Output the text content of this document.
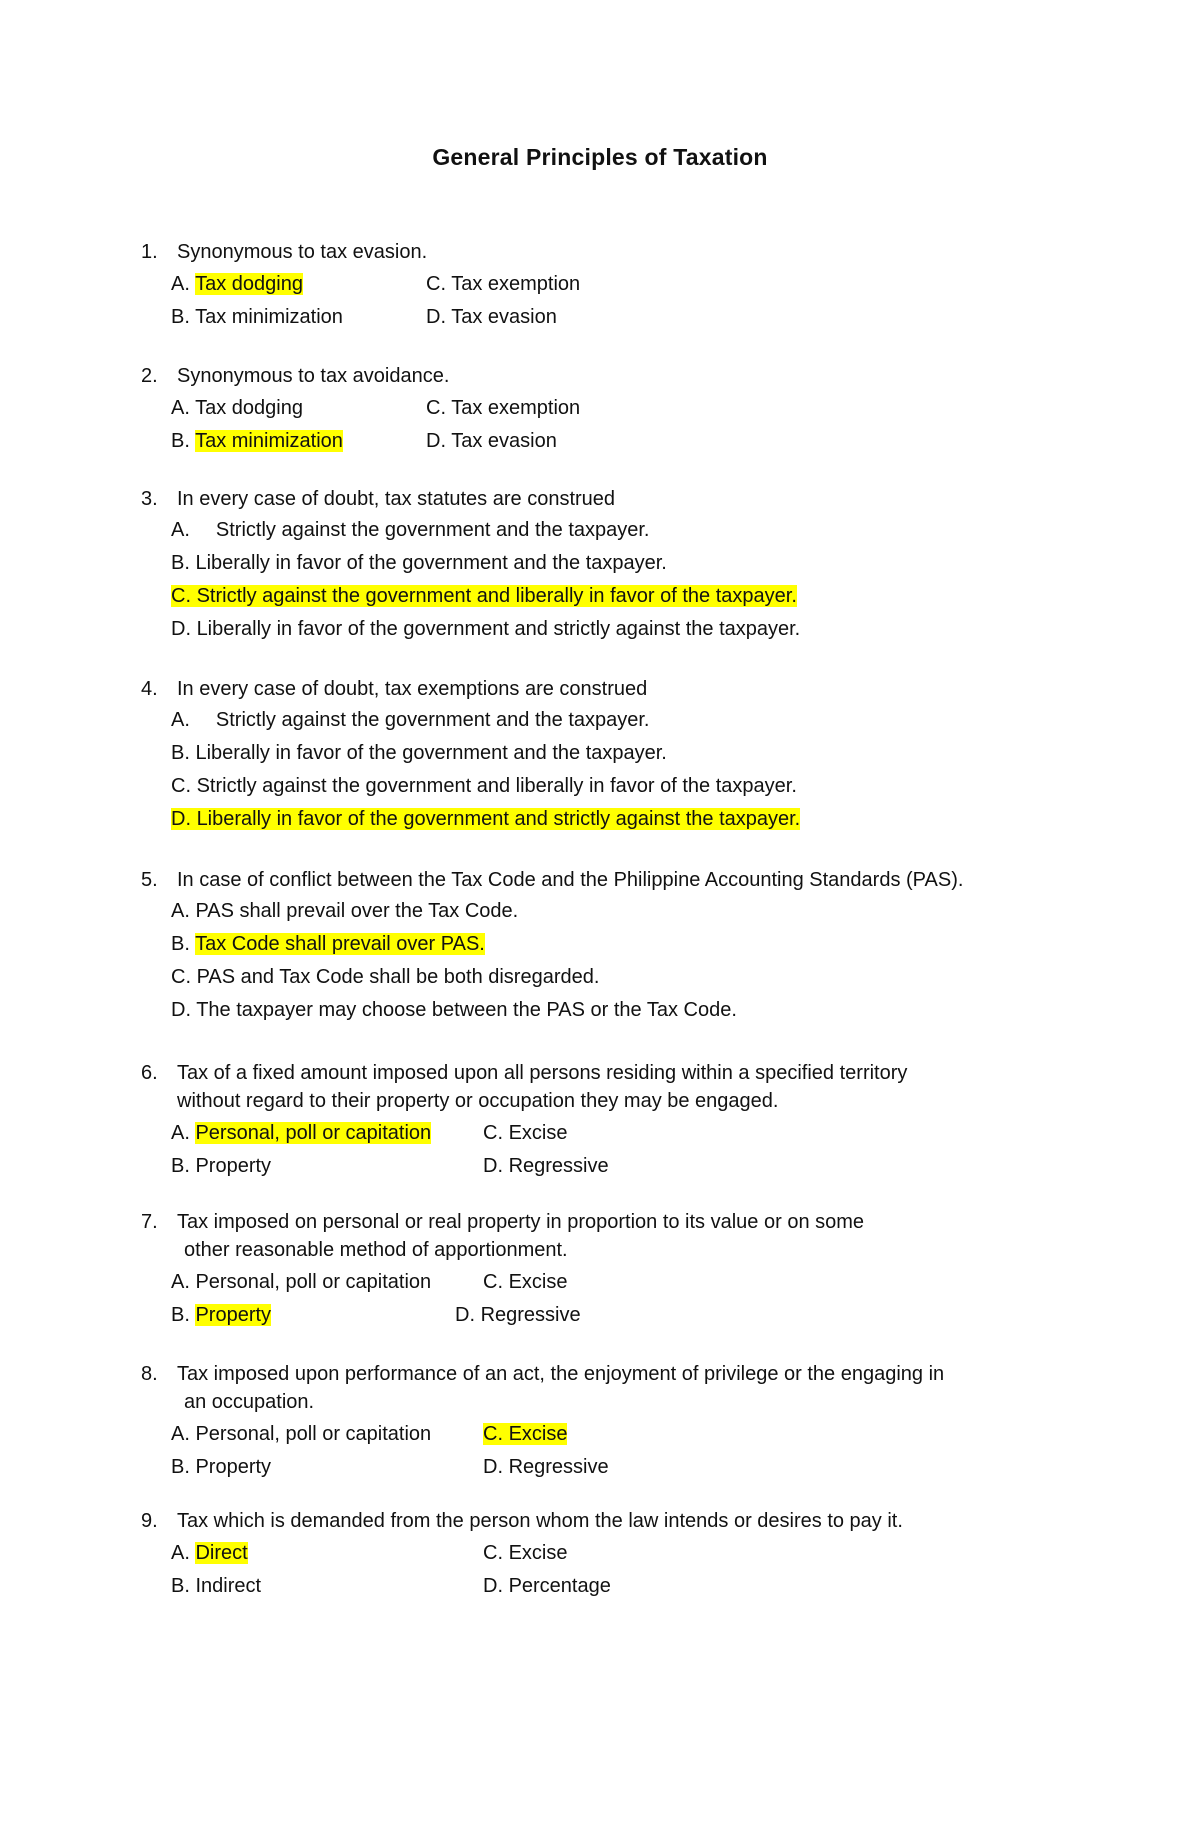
General Principles of Taxation
1. Synonymous to tax evasion.
A. Tax dodging	C. Tax exemption
B. Tax minimization	D. Tax evasion
2. Synonymous to tax avoidance.
A. Tax dodging	C. Tax exemption
B. Tax minimization	D. Tax evasion
3. In every case of doubt, tax statutes are construed
A. Strictly against the government and the taxpayer.
B. Liberally in favor of the government and the taxpayer.
C. Strictly against the government and liberally in favor of the taxpayer.
D. Liberally in favor of the government and strictly against the taxpayer.
4. In every case of doubt, tax exemptions are construed
A. Strictly against the government and the taxpayer.
B. Liberally in favor of the government and the taxpayer.
C. Strictly against the government and liberally in favor of the taxpayer.
D. Liberally in favor of the government and strictly against the taxpayer.
5. In case of conflict between the Tax Code and the Philippine Accounting Standards (PAS).
A. PAS shall prevail over the Tax Code.
B. Tax Code shall prevail over PAS.
C. PAS and Tax Code shall be both disregarded.
D. The taxpayer may choose between the PAS or the Tax Code.
6. Tax of a fixed amount imposed upon all persons residing within a specified territory
without regard to their property or occupation they may be engaged.
A. Personal, poll or capitation	C. Excise
B. Property	D. Regressive
7. Tax imposed on personal or real property in proportion to its value or on some
other reasonable method of apportionment.
A. Personal, poll or capitation	C. Excise
B. Property	D. Regressive
8. Tax imposed upon performance of an act, the enjoyment of privilege or the engaging in
an occupation.
A. Personal, poll or capitation	C. Excise
B. Property	D. Regressive
9. Tax which is demanded from the person whom the law intends or desires to pay it.
A. Direct	C. Excise
B. Indirect	D. Percentage
